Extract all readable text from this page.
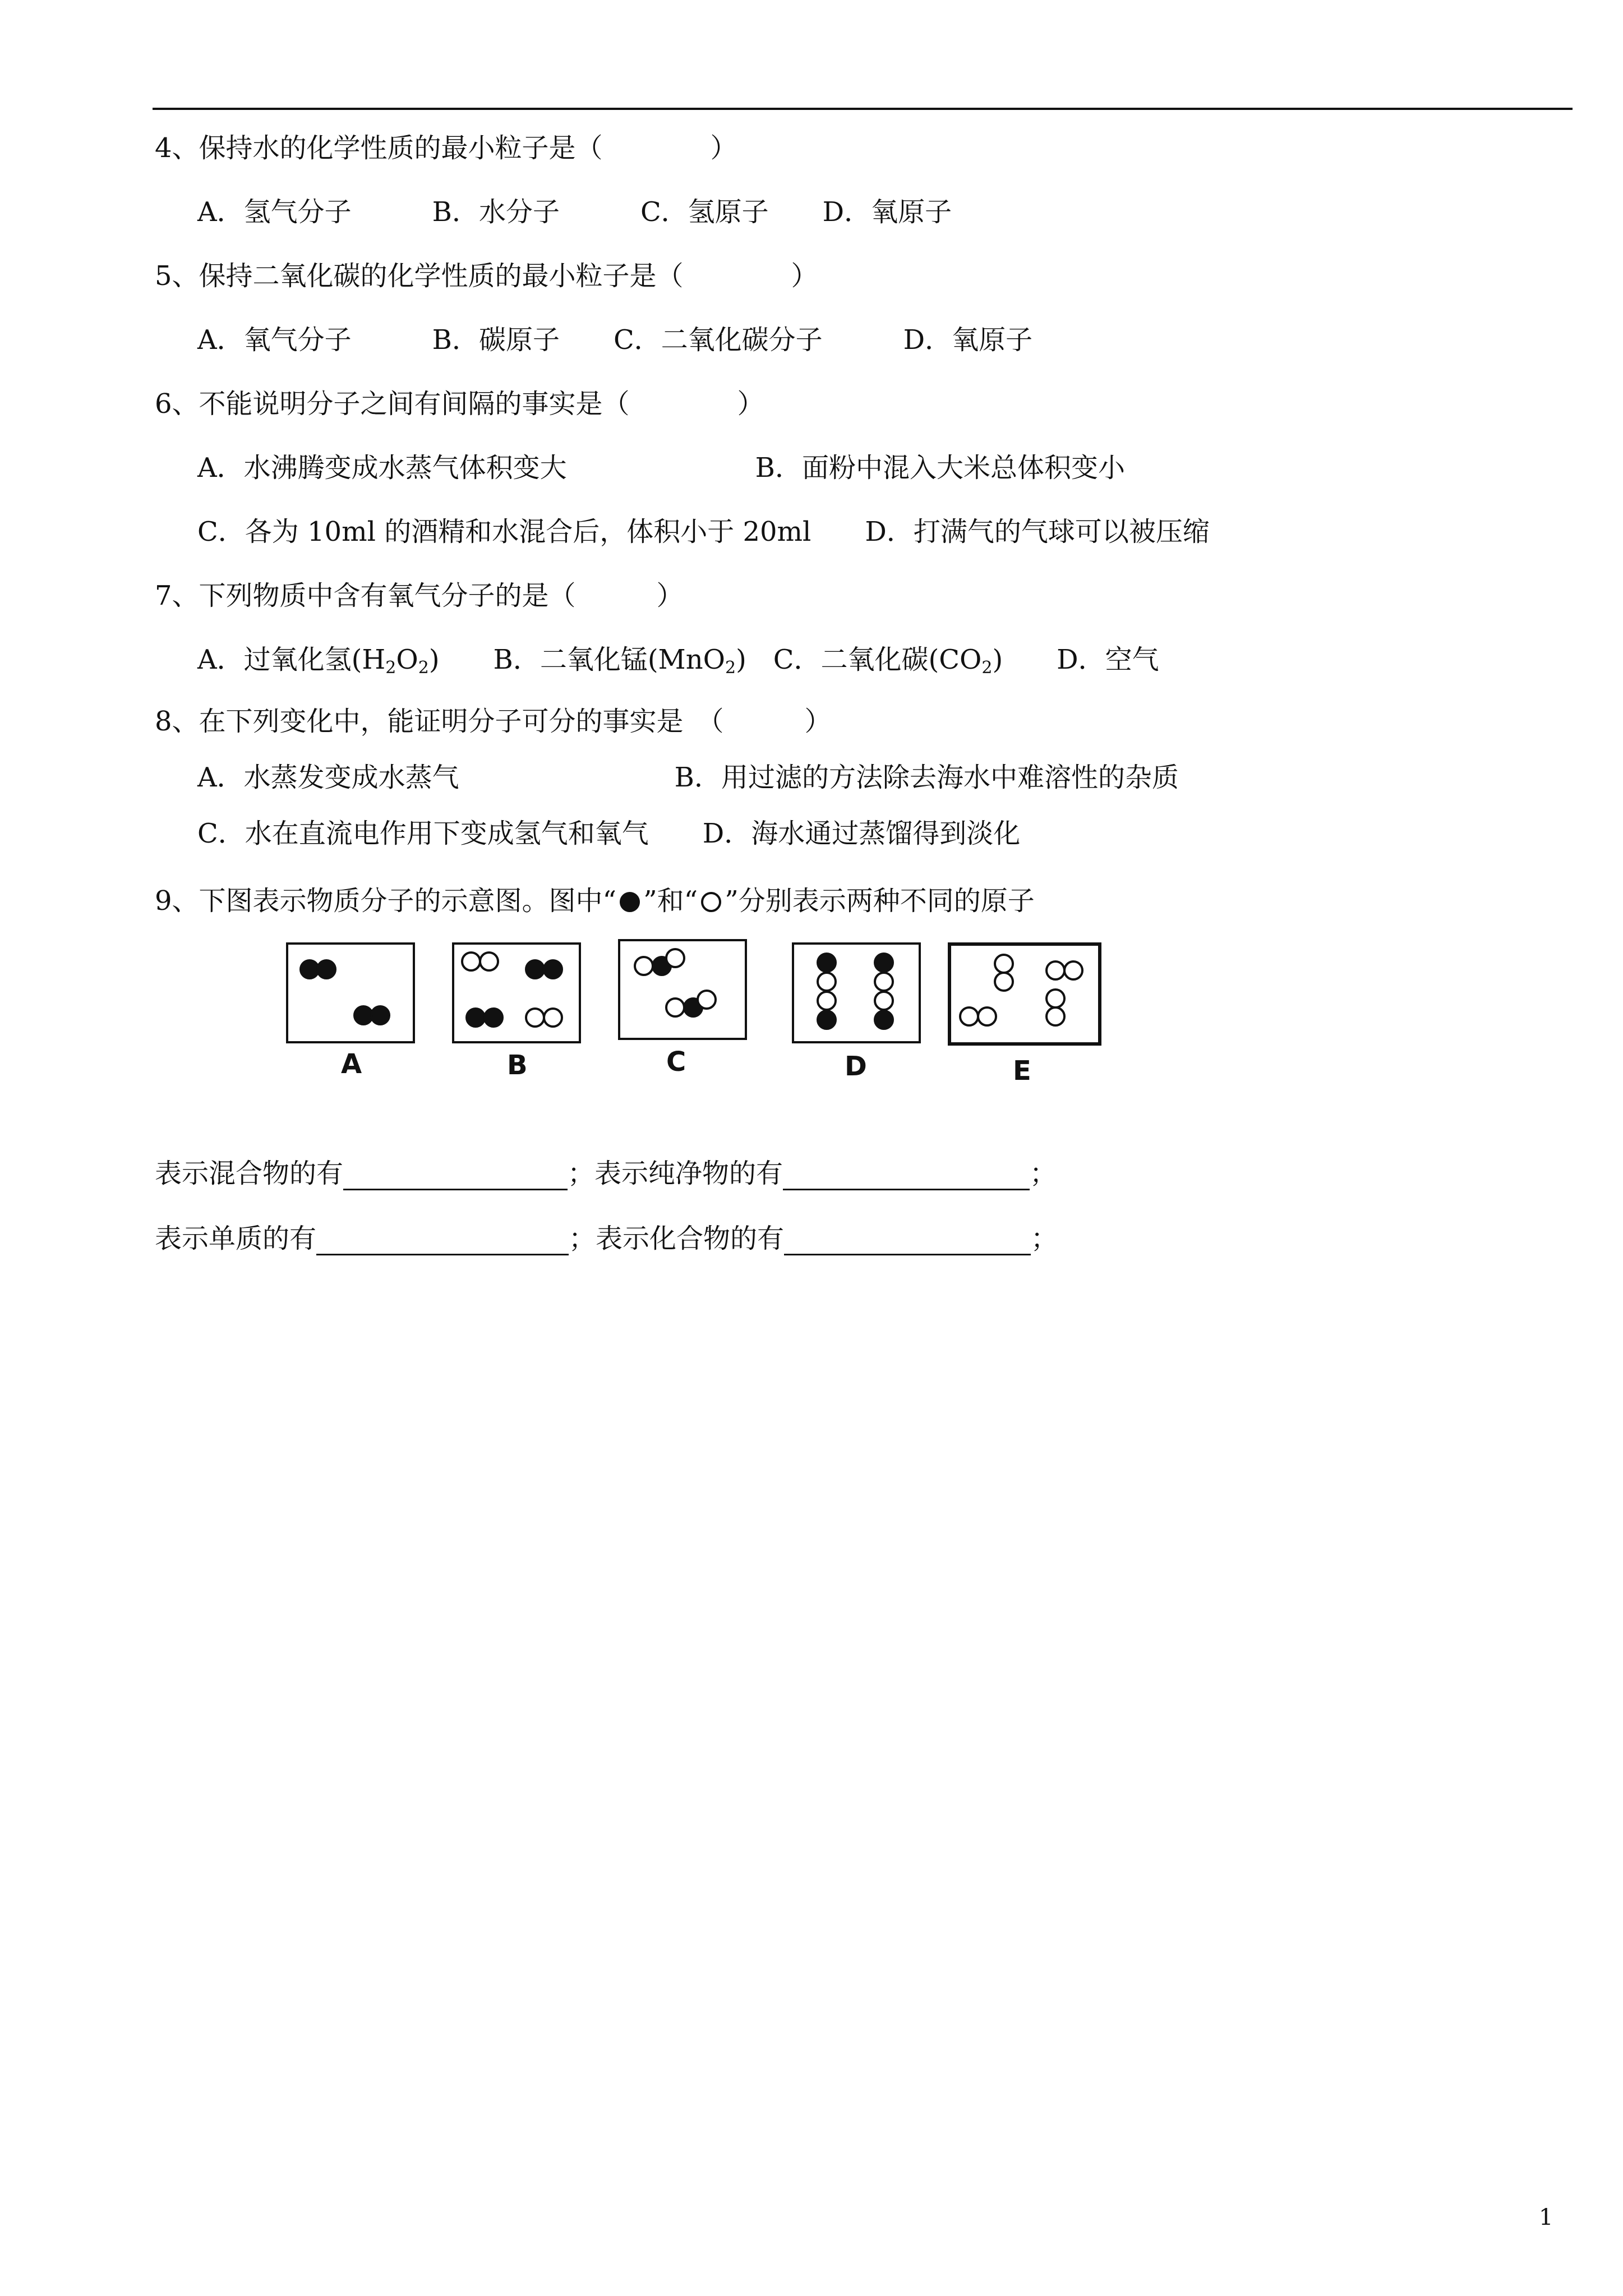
4、保持水的化学性质的最小粒子是（　　　　）
A．氢气分子　　　B．水分子　　　C．氢原子　　D．氧原子
5、保持二氧化碳的化学性质的最小粒子是（　　　　）
A．氧气分子　　　B．碳原子　　C．二氧化碳分子　　　D．氧原子
6、不能说明分子之间有间隔的事实是（　　　　）
A．水沸腾变成水蒸气体积变大　　　　　　　B．面粉中混入大米总体积变小
C．各为 10ml 的酒精和水混合后，体积小于 20ml　　D．打满气的气球可以被压缩
7、下列物质中含有氧气分子的是（　　　）
A．过氧化氢$(H_2O_2)$　　B．二氧化锰(MnO$_2$)　C．二氧化碳$(CO_2)$　　D．空气
8、在下列变化中，能证明分子可分的事实是　（　　　）
A．水蒸发变成水蒸气　　　　　　　　B．用过滤的方法除去海水中难溶性的杂质
C．水在直流电作用下变成氢气和氧气　　D．海水通过蒸馏得到淡化
9、下图表示物质分子的示意图。图中“ ”和“ ”分别表示两种不同的原子
A	B	C	D	E
表示混合物的有	；表示纯净物的有	；
表示单质的有	；表示化合物的有	；
1
